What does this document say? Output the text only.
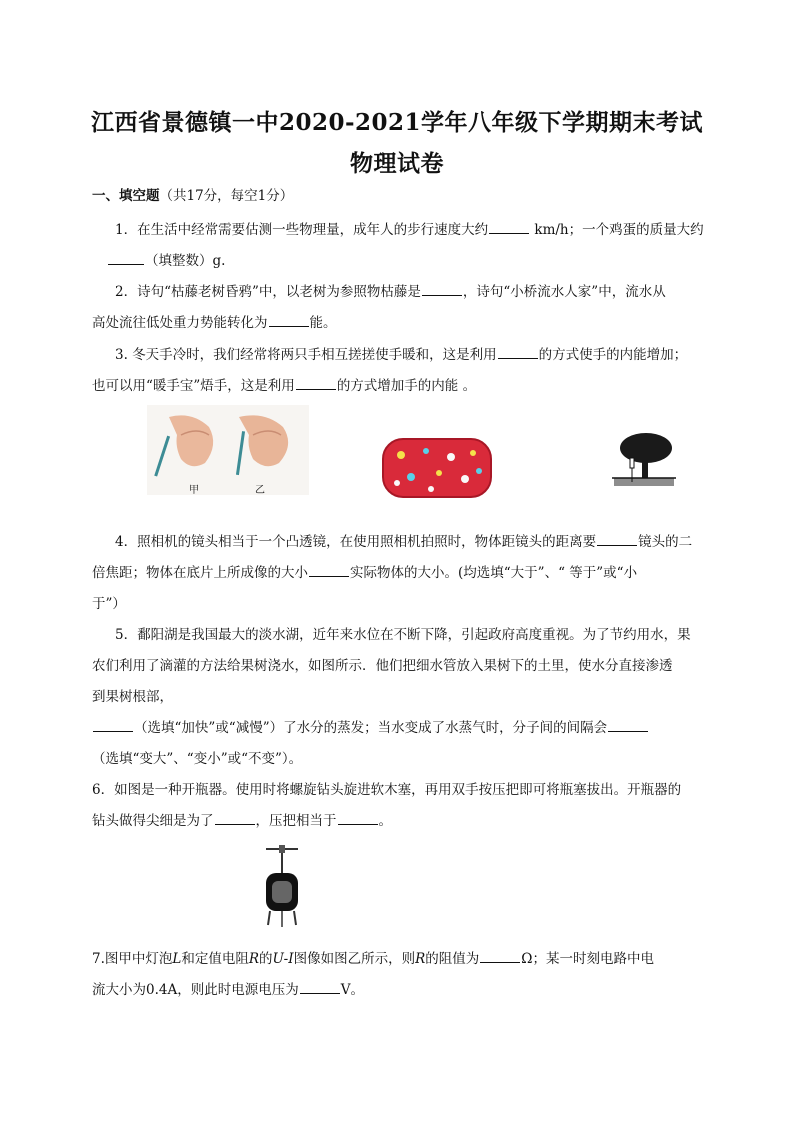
江西省景德镇一中2020-2021学年八年级下学期期末考试
物理试卷
一、填空题（共17分，每空1分）
1．在生活中经常需要估测一些物理量，成年人的步行速度大约	km/h；一个鸡蛋的质量大约
（填整数）g.
2．诗句“枯藤老树昏鸦”中，以老树为参照物枯藤是	，诗句“小桥流水人家”中，流水从
高处流往低处重力势能转化为	能。
3. 冬天手冷时，我们经常将两只手相互搓搓使手暖和，这是利用	的方式使手的内能增加；
也可以用“暖手宝”焐手，这是利用	的方式增加手的内能 。
甲	乙
4．照相机的镜头相当于一个凸透镜，在使用照相机拍照时，物体距镜头的距离要	镜头的二
倍焦距；物体在底片上所成像的大小	实际物体的大小。(均选填“大于”、“ 等于”或“小
于”）
5．鄱阳湖是我国最大的淡水湖，近年来水位在不断下降，引起政府高度重视。为了节约用水，果
农们利用了滴灌的方法给果树浇水，如图所示．他们把细水管放入果树下的土里，使水分直接渗透
到果树根部，
（选填“加快”或“减慢”）了水分的蒸发；当水变成了水蒸气时，分子间的间隔会
（选填“变大”、“变小”或“不变”）。
6．如图是一种开瓶器。使用时将螺旋钻头旋进软木塞，再用双手按压把即可将瓶塞拔出。开瓶器的
钻头做得尖细是为了	，压把相当于	。
7.图甲中灯泡L和定值电阻R的U-I图像如图乙所示，则R的阻值为	Ω；某一时刻电路中电
流大小为0.4A，则此时电源电压为	V。
